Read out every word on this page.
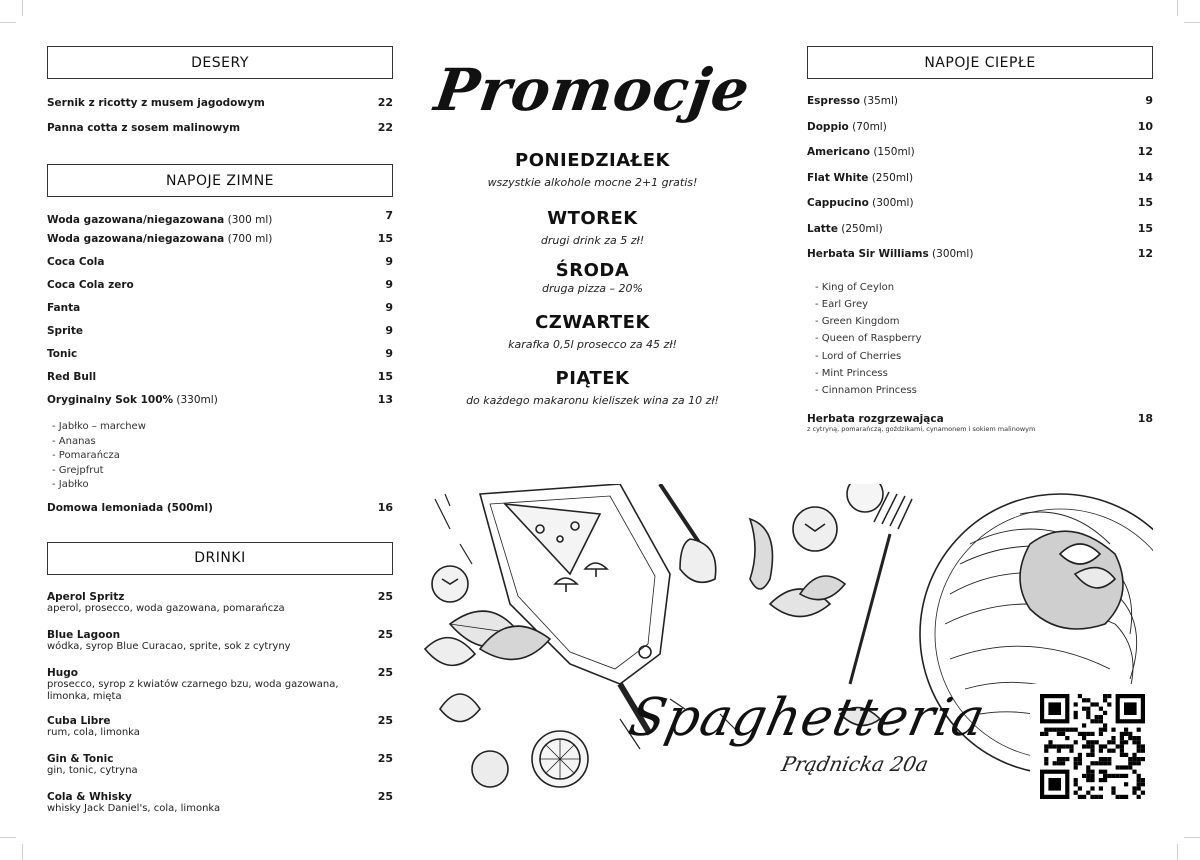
DESERY
Sernik z ricotty z musem jagodowym	22
Panna cotta z sosem malinowym	22
NAPOJE ZIMNE
Woda gazowana/niegazowana (300 ml)	7
Woda gazowana/niegazowana (700 ml)	15
Coca Cola	9
Coca Cola zero	9
Fanta	9
Sprite	9
Tonic	9
Red Bull	15
Oryginalny Sok 100% (330ml)	13
- Jabłko – marchew
- Ananas
- Pomarańcza
- Grejpfrut
- Jabłko
Domowa lemoniada (500ml)	16
DRINKI
Aperol Spritz	25
aperol, prosecco, woda gazowana, pomarańcza
Blue Lagoon	25
wódka, syrop Blue Curacao, sprite, sok z cytryny
Hugo	25
prosecco, syrop z kwiatów czarnego bzu, woda gazowana, limonka, mięta
Cuba Libre	25
rum, cola, limonka
Gin & Tonic	25
gin, tonic, cytryna
Cola & Whisky	25
whisky Jack Daniel's, cola, limonka
Promocje
PONIEDZIAŁEK
wszystkie alkohole mocne 2+1 gratis!
WTOREK
drugi drink za 5 zł!
ŚRODA
druga pizza – 20%
CZWARTEK
karafka 0,5l prosecco za 45 zł!
PIĄTEK
do każdego makaronu kieliszek wina za 10 zł!
NAPOJE CIEPŁE
Espresso (35ml)	9
Doppio (70ml)	10
Americano (150ml)	12
Flat White (250ml)	14
Cappucino (300ml)	15
Latte (250ml)	15
Herbata Sir Williams (300ml)	12
- King of Ceylon
- Earl Grey
- Green Kingdom
- Queen of Raspberry
- Lord of Cherries
- Mint Princess
- Cinnamon Princess
Herbata rozgrzewająca	18
z cytryną, pomarańczą, goździkami, cynamonem i sokiem malinowym
Spaghetteria
Prądnicka 20a
